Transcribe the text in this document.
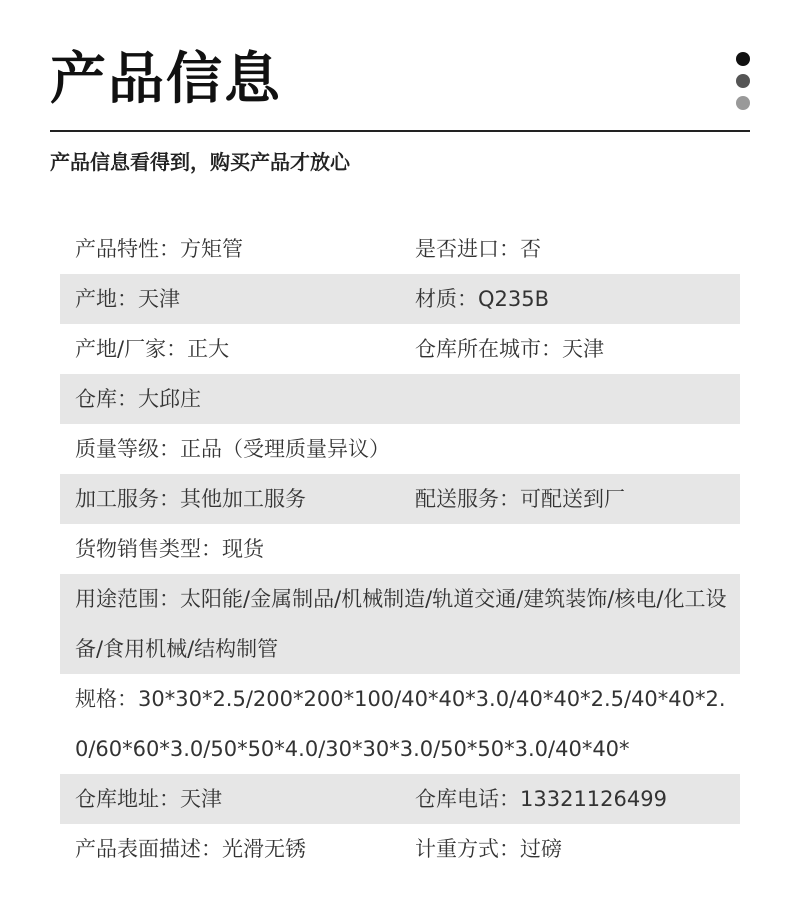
产品信息
产品信息看得到，购买产品才放心
产品特性：方矩管	是否进口：否
产地：天津	材质：Q235B
产地/厂家：正大	仓库所在城市：天津
仓库：大邱庄
质量等级：正品（受理质量异议）
加工服务：其他加工服务	配送服务：可配送到厂
货物销售类型：现货
用途范围：太阳能/金属制品/机械制造/轨道交通/建筑装饰/核电/化工设备/食用机械/结构制管
规格：30*30*2.5/200*200*100/40*40*3.0/40*40*2.5/40*40*2.0/60*60*3.0/50*50*4.0/30*30*3.0/50*50*3.0/40*40*
仓库地址：天津	仓库电话：13321126499
产品表面描述：光滑无锈	计重方式：过磅
